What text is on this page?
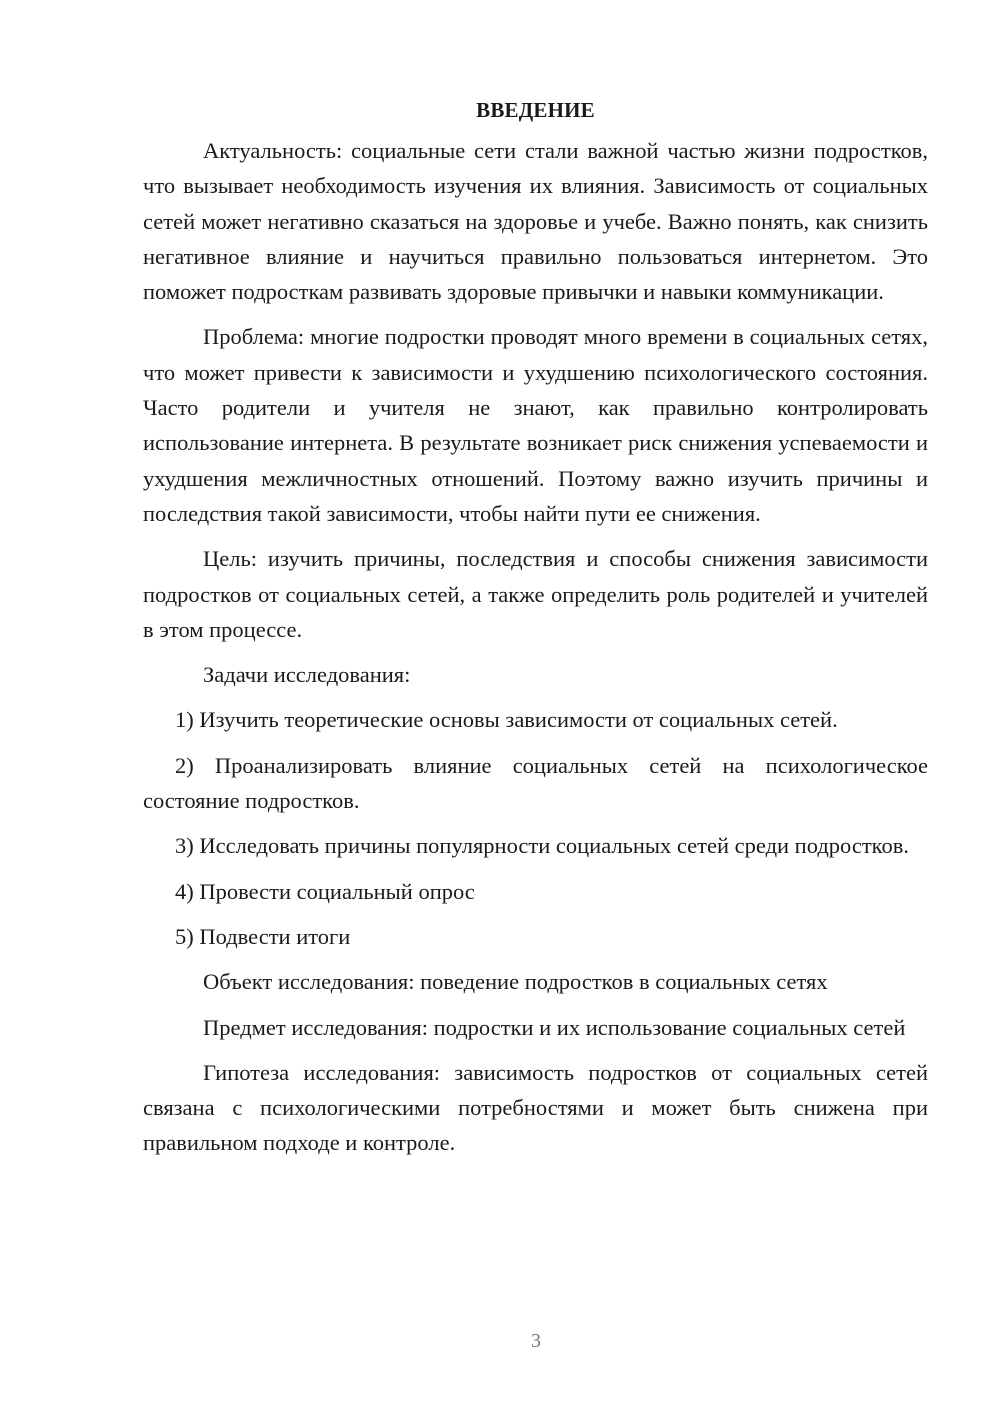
ВВЕДЕНИЕ

Актуальность: социальные сети стали важной частью жизни подростков, что вызывает необходимость изучения их влияния. Зависимость от социальных сетей может негативно сказаться на здоровье и учебе. Важно понять, как снизить негативное влияние и научиться правильно пользоваться интернетом. Это поможет подросткам развивать здоровые привычки и навыки коммуникации.

Проблема: многие подростки проводят много времени в социальных сетях, что может привести к зависимости и ухудшению психологического состояния. Часто родители и учителя не знают, как правильно контролировать использование интернета. В результате возникает риск снижения успеваемости и ухудшения межличностных отношений. Поэтому важно изучить причины и последствия такой зависимости, чтобы найти пути ее снижения.

Цель: изучить причины, последствия и способы снижения зависимости подростков от социальных сетей, а также определить роль родителей и учителей в этом процессе.

Задачи исследования:

1) Изучить теоретические основы зависимости от социальных сетей.

2) Проанализировать влияние социальных сетей на психологическое состояние подростков.

3) Исследовать причины популярности социальных сетей среди подростков.

4) Провести социальный опрос

5) Подвести итоги

Объект исследования: поведение подростков в социальных сетях

Предмет исследования: подростки и их использование социальных сетей

Гипотеза исследования: зависимость подростков от социальных сетей связана с психологическими потребностями и может быть снижена при правильном подходе и контроле.

3
